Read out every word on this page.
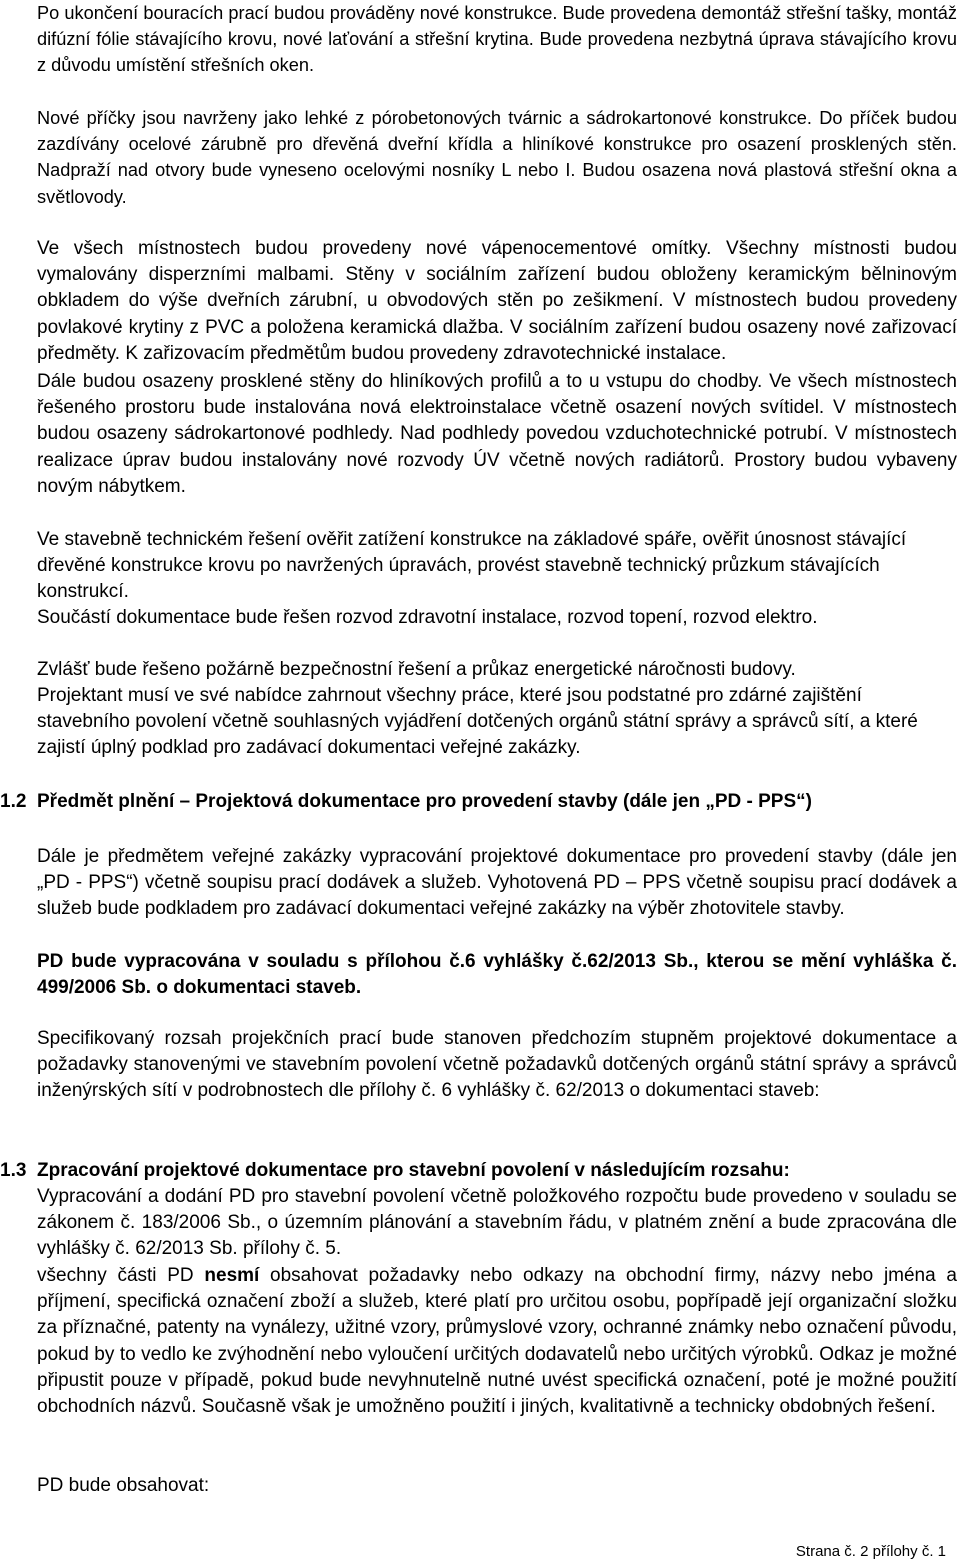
Po ukončení bouracích prací budou prováděny nové konstrukce. Bude provedena demontáž střešní tašky, montáž difúzní fólie stávajícího krovu, nové laťování a střešní krytina. Bude provedena nezbytná úprava stávajícího krovu z důvodu umístění střešních oken.

Nové příčky jsou navrženy jako lehké z pórobetonových tvárnic a sádrokartonové konstrukce. Do příček budou zazdívány ocelové zárubně pro dřevěná dveřní křídla a hliníkové konstrukce pro osazení prosklených stěn. Nadpraží nad otvory bude vyneseno ocelovými nosníky L nebo I. Budou osazena nová plastová střešní okna a světlovody.

Ve všech místnostech budou provedeny nové vápenocementové omítky. Všechny místnosti budou vymalovány disperzními malbami. Stěny v sociálním zařízení budou obloženy keramickým bělninovým obkladem do výše dveřních zárubní, u obvodových stěn po zešikmení. V místnostech budou provedeny povlakové krytiny z PVC a položena keramická dlažba. V sociálním zařízení budou osazeny nové zařizovací předměty. K zařizovacím předmětům budou provedeny zdravotechnické instalace.

Dále budou osazeny prosklené stěny do hliníkových profilů a to u vstupu do chodby. Ve všech místnostech řešeného prostoru bude instalována nová elektroinstalace včetně osazení nových svítidel. V místnostech budou osazeny sádrokartonové podhledy. Nad podhledy povedou vzduchotechnické potrubí. V místnostech realizace úprav budou instalovány nové rozvody ÚV včetně nových radiátorů. Prostory budou vybaveny novým nábytkem.

Ve stavebně technickém řešení ověřit zatížení konstrukce na základové spáře, ověřit únosnost stávající dřevěné konstrukce krovu po navržených úpravách, provést stavebně technický průzkum stávajících konstrukcí.

Součástí dokumentace bude řešen rozvod zdravotní instalace, rozvod topení, rozvod elektro.

Zvlášť bude řešeno požárně bezpečnostní řešení a průkaz energetické náročnosti budovy.

Projektant musí ve své nabídce zahrnout všechny práce, které jsou podstatné pro zdárné zajištění stavebního povolení včetně souhlasných vyjádření dotčených orgánů státní správy a správců sítí, a které zajistí úplný podklad pro zadávací dokumentaci veřejné zakázky.

1.2 Předmět plnění – Projektová dokumentace pro provedení stavby (dále jen „PD - PPS“)

Dále je předmětem veřejné zakázky vypracování projektové dokumentace pro provedení stavby (dále jen „PD - PPS“) včetně soupisu prací dodávek a služeb. Vyhotovená PD – PPS včetně soupisu prací dodávek a služeb bude podkladem pro zadávací dokumentaci veřejné zakázky na výběr zhotovitele stavby.

PD bude vypracována v souladu s přílohou č.6 vyhlášky č.62/2013 Sb., kterou se mění vyhláška č. 499/2006 Sb. o dokumentaci staveb.

Specifikovaný rozsah projekčních prací bude stanoven předchozím stupněm projektové dokumentace a požadavky stanovenými ve stavebním povolení včetně požadavků dotčených orgánů státní správy a správců inženýrských sítí v podrobnostech dle přílohy č. 6 vyhlášky č. 62/2013 o dokumentaci staveb:

1.3 Zpracování projektové dokumentace pro stavební povolení v následujícím rozsahu:

Vypracování a dodání PD pro stavební povolení včetně položkového rozpočtu bude provedeno v souladu se zákonem č. 183/2006 Sb., o územním plánování a stavebním řádu, v platném znění a bude zpracována dle vyhlášky č. 62/2013 Sb. přílohy č. 5.

všechny části PD nesmí obsahovat požadavky nebo odkazy na obchodní firmy, názvy nebo jména a příjmení, specifická označení zboží a služeb, které platí pro určitou osobu, popřípadě její organizační složku za příznačné, patenty na vynálezy, užitné vzory, průmyslové vzory, ochranné známky nebo označení původu, pokud by to vedlo ke zvýhodnění nebo vyloučení určitých dodavatelů nebo určitých výrobků. Odkaz je možné připustit pouze v případě, pokud bude nevyhnutelně nutné uvést specifická označení, poté je možné použití obchodních názvů. Současně však je umožněno použití i jiných, kvalitativně a technicky obdobných řešení.

PD bude obsahovat:

Strana č. 2 přílohy č. 1
